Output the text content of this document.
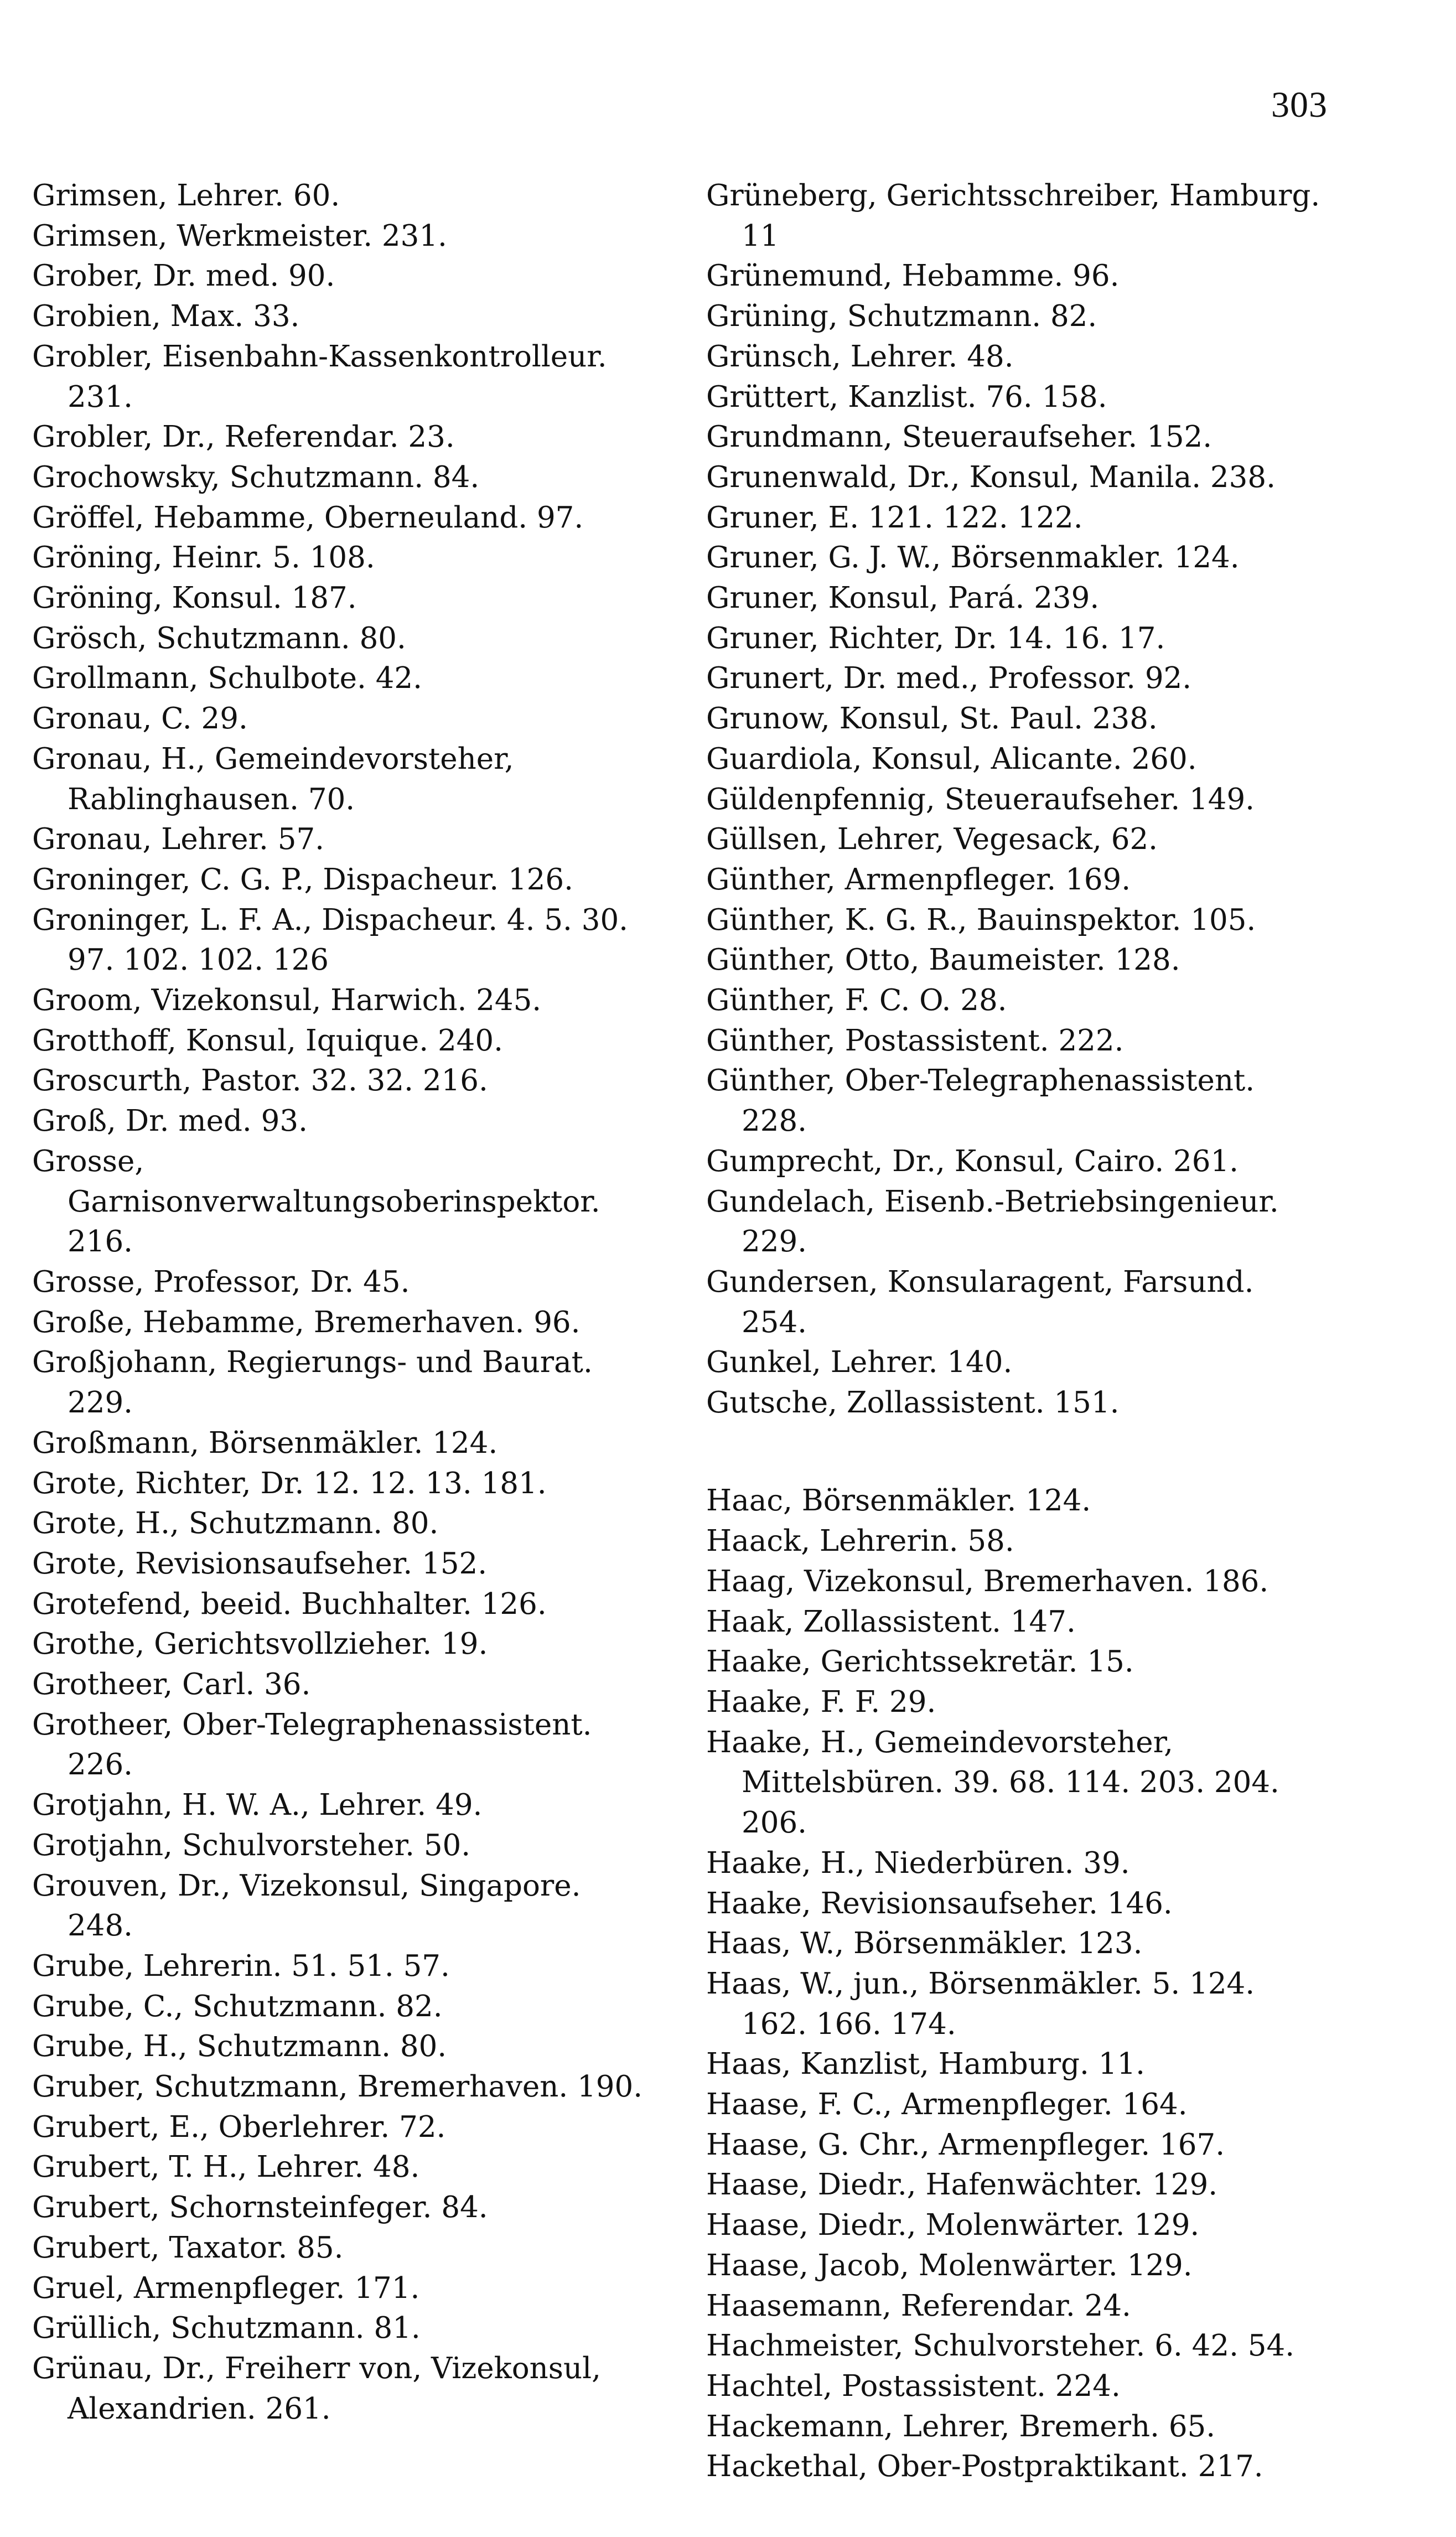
303

Grimsen, Lehrer. 60.

Grimsen, Werkmeister. 231.

Grober, Dr. med. 90.

Grobien, Max. 33.

Grobler, Eisenbahn-Kassenkontrolleur. 231.

Grobler, Dr., Referendar. 23.

Grochowsky, Schutzmann. 84.

Gröffel, Hebamme, Oberneuland. 97.

Gröning, Heinr. 5. 108.

Gröning, Konsul. 187.

Grösch, Schutzmann. 80.

Grollmann, Schulbote. 42.

Gronau, C. 29.

Gronau, H., Gemeindevorsteher, Rablinghausen. 70.

Gronau, Lehrer. 57.

Groninger, C. G. P., Dispacheur. 126.

Groninger, L. F. A., Dispacheur. 4. 5. 30. 97. 102. 102. 126

Groom, Vizekonsul, Harwich. 245.

Grotthoff, Konsul, Iquique. 240.

Groscurth, Pastor. 32. 32. 216.

Groß, Dr. med. 93.

Grosse, Garnisonverwaltungsoberinspektor. 216.

Grosse, Professor, Dr. 45.

Große, Hebamme, Bremerhaven. 96.

Großjohann, Regierungs- und Baurat. 229.

Großmann, Börsenmäkler. 124.

Grote, Richter, Dr. 12. 12. 13. 181.

Grote, H., Schutzmann. 80.

Grote, Revisionsaufseher. 152.

Grotefend, beeid. Buchhalter. 126.

Grothe, Gerichtsvollzieher. 19.

Grotheer, Carl. 36.

Grotheer, Ober-Telegraphenassistent. 226.

Grotjahn, H. W. A., Lehrer. 49.

Grotjahn, Schulvorsteher. 50.

Grouven, Dr., Vizekonsul, Singapore. 248.

Grube, Lehrerin. 51. 51. 57.

Grube, C., Schutzmann. 82.

Grube, H., Schutzmann. 80.

Gruber, Schutzmann, Bremerhaven. 190.

Grubert, E., Oberlehrer. 72.

Grubert, T. H., Lehrer. 48.

Grubert, Schornsteinfeger. 84.

Grubert, Taxator. 85.

Gruel, Armenpfleger. 171.

Grüllich, Schutzmann. 81.

Grünau, Dr., Freiherr von, Vizekonsul, Alexandrien. 261.

Grüneberg, Gerichtsschreiber, Hamburg. 11

Grünemund, Hebamme. 96.

Grüning, Schutzmann. 82.

Grünsch, Lehrer. 48.

Grüttert, Kanzlist. 76. 158.

Grundmann, Steueraufseher. 152.

Grunenwald, Dr., Konsul, Manila. 238.

Gruner, E. 121. 122. 122.

Gruner, G. J. W., Börsenmakler. 124.

Gruner, Konsul, Pará. 239.

Gruner, Richter, Dr. 14. 16. 17.

Grunert, Dr. med., Professor. 92.

Grunow, Konsul, St. Paul. 238.

Guardiola, Konsul, Alicante. 260.

Güldenpfennig, Steueraufseher. 149.

Güllsen, Lehrer, Vegesack, 62.

Günther, Armenpfleger. 169.

Günther, K. G. R., Bauinspektor. 105.

Günther, Otto, Baumeister. 128.

Günther, F. C. O. 28.

Günther, Postassistent. 222.

Günther, Ober-Telegraphenassistent. 228.

Gumprecht, Dr., Konsul, Cairo. 261.

Gundelach, Eisenb.-Betriebsingenieur. 229.

Gundersen, Konsularagent, Farsund. 254.

Gunkel, Lehrer. 140.

Gutsche, Zollassistent. 151.

Haac, Börsenmäkler. 124.

Haack, Lehrerin. 58.

Haag, Vizekonsul, Bremerhaven. 186.

Haak, Zollassistent. 147.

Haake, Gerichtssekretär. 15.

Haake, F. F. 29.

Haake, H., Gemeindevorsteher, Mittelsbüren. 39. 68. 114. 203. 204. 206.

Haake, H., Niederbüren. 39.

Haake, Revisionsaufseher. 146.

Haas, W., Börsenmäkler. 123.

Haas, W., jun., Börsenmäkler. 5. 124. 162. 166. 174.

Haas, Kanzlist, Hamburg. 11.

Haase, F. C., Armenpfleger. 164.

Haase, G. Chr., Armenpfleger. 167.

Haase, Diedr., Hafenwächter. 129.

Haase, Diedr., Molenwärter. 129.

Haase, Jacob, Molenwärter. 129.

Haasemann, Referendar. 24.

Hachmeister, Schulvorsteher. 6. 42. 54.

Hachtel, Postassistent. 224.

Hackemann, Lehrer, Bremerh. 65.

Hackethal, Ober-Postpraktikant. 217.
